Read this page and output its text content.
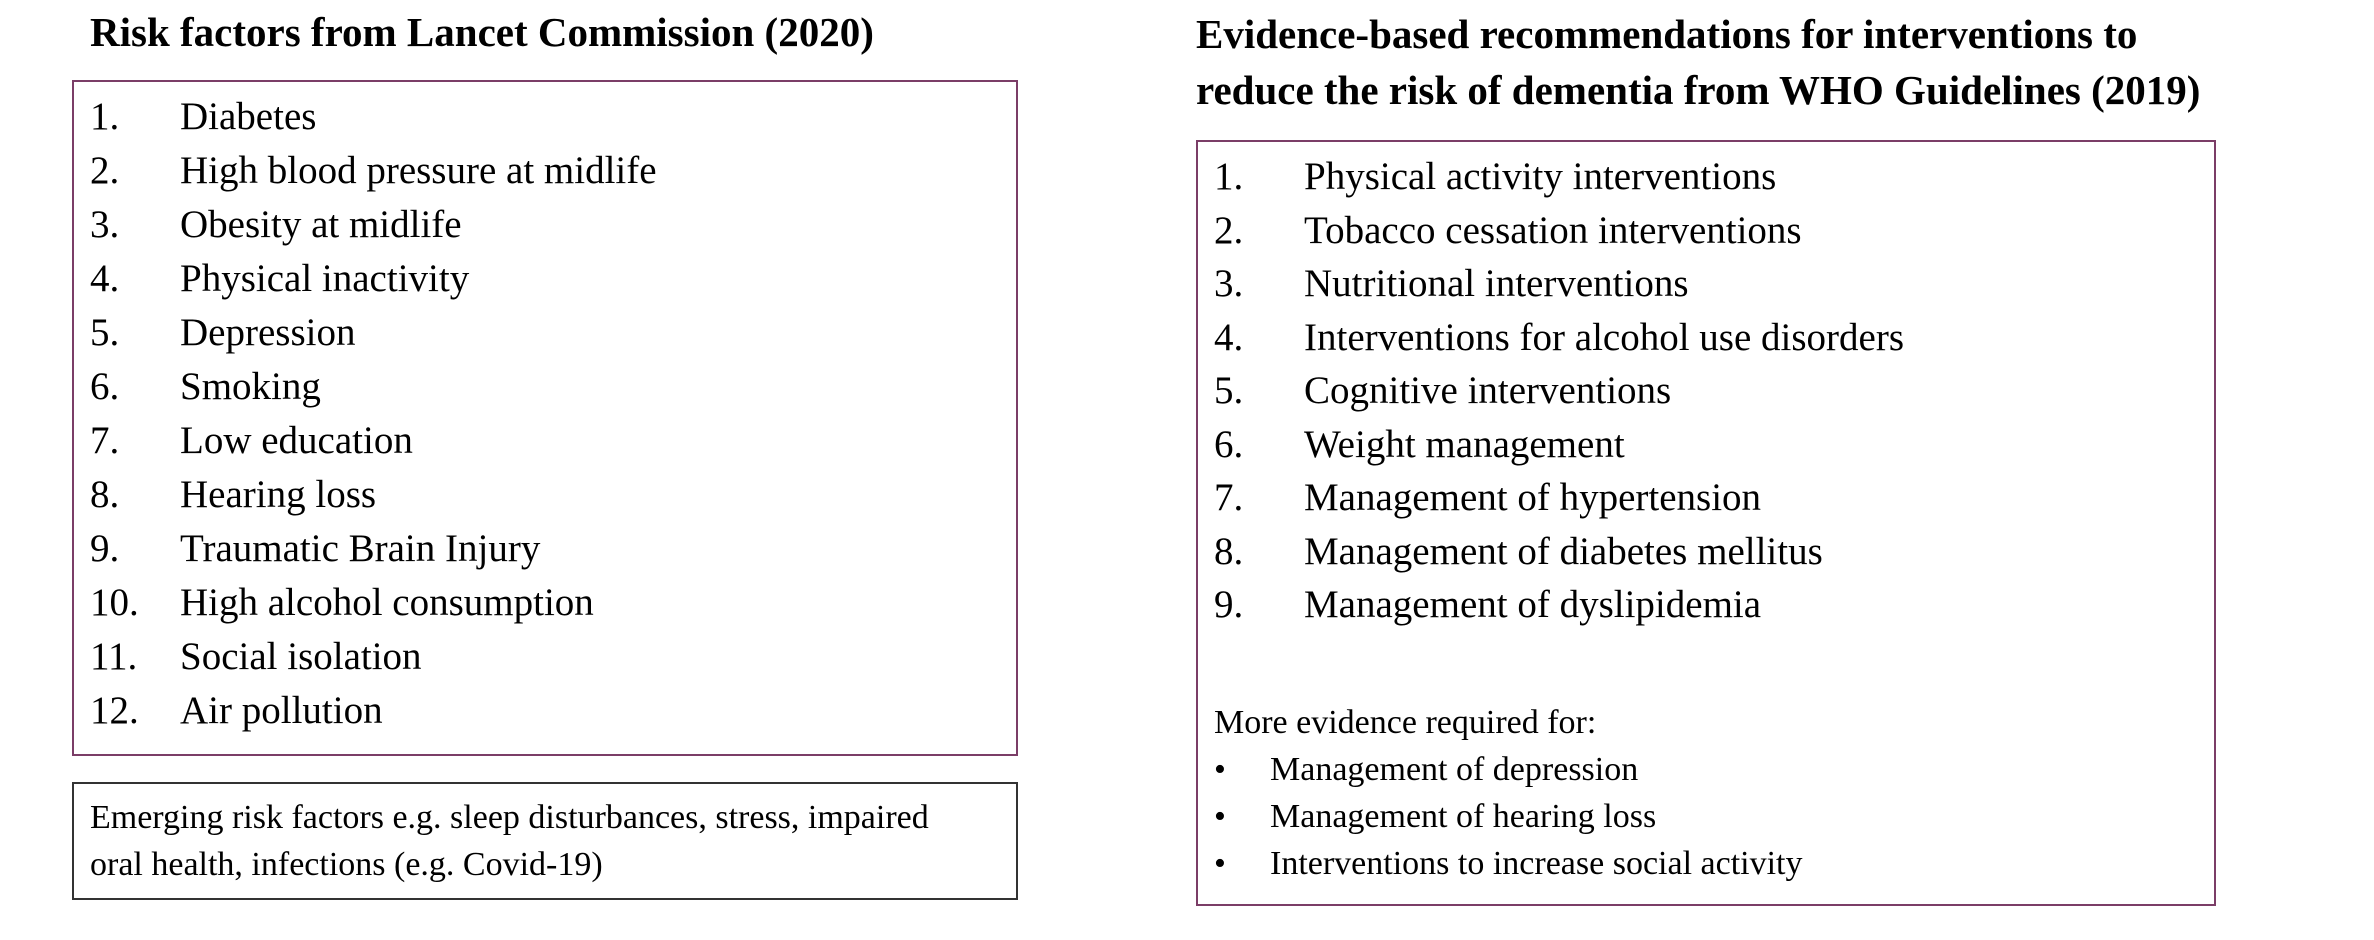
Risk factors from Lancet Commission (2020)
1. Diabetes
2. High blood pressure at midlife
3. Obesity at midlife
4. Physical inactivity
5. Depression
6. Smoking
7. Low education
8. Hearing loss
9. Traumatic Brain Injury
10. High alcohol consumption
11. Social isolation
12. Air pollution

Emerging risk factors e.g. sleep disturbances, stress, impaired oral health, infections (e.g. Covid-19)

Evidence-based recommendations for interventions to
reduce the risk of dementia from WHO Guidelines (2019)
1. Physical activity interventions
2. Tobacco cessation interventions
3. Nutritional interventions
4. Interventions for alcohol use disorders
5. Cognitive interventions
6. Weight management
7. Management of hypertension
8. Management of diabetes mellitus
9. Management of dyslipidemia

More evidence required for:

• Management of depression
• Management of hearing loss
• Interventions to increase social activity
